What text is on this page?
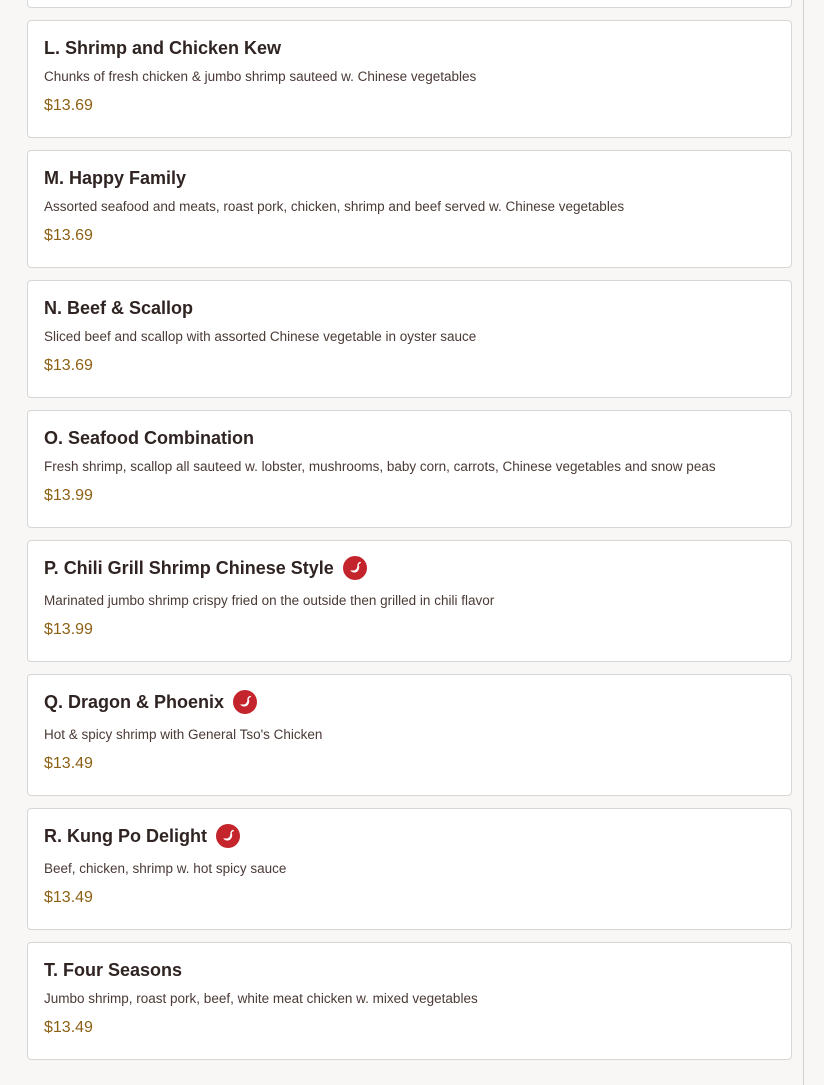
L. Shrimp and Chicken Kew
Chunks of fresh chicken & jumbo shrimp sauteed w. Chinese vegetables
$13.69
M. Happy Family
Assorted seafood and meats, roast pork, chicken, shrimp and beef served w. Chinese vegetables
$13.69
N. Beef & Scallop
Sliced beef and scallop with assorted Chinese vegetable in oyster sauce
$13.69
O. Seafood Combination
Fresh shrimp, scallop all sauteed w. lobster, mushrooms, baby corn, carrots, Chinese vegetables and snow peas
$13.99
P. Chili Grill Shrimp Chinese Style
Marinated jumbo shrimp crispy fried on the outside then grilled in chili flavor
$13.99
Q. Dragon & Phoenix
Hot & spicy shrimp with General Tso's Chicken
$13.49
R. Kung Po Delight
Beef, chicken, shrimp w. hot spicy sauce
$13.49
T. Four Seasons
Jumbo shrimp, roast pork, beef, white meat chicken w. mixed vegetables
$13.49
